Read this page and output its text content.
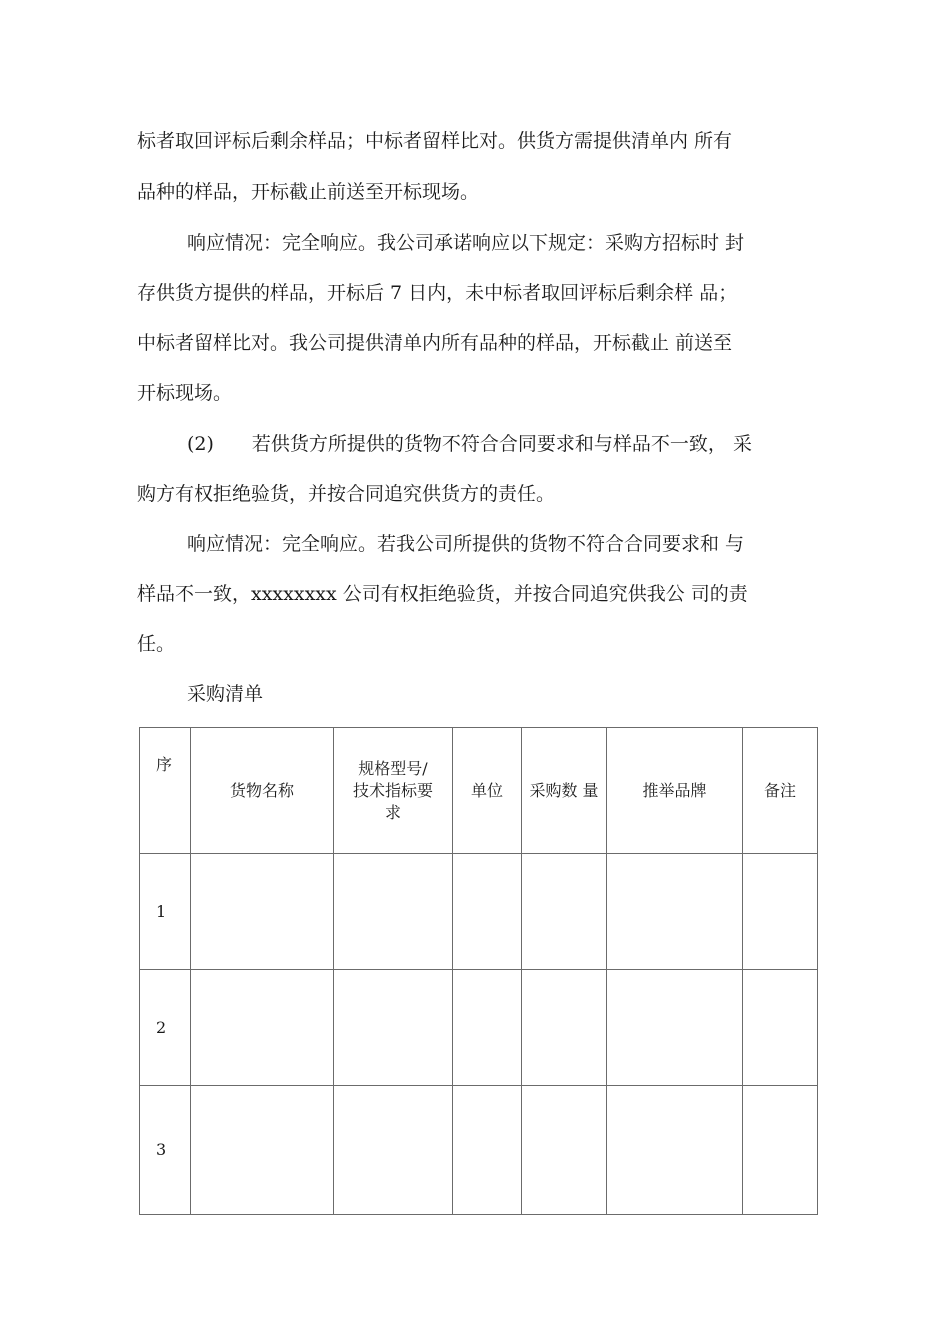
标者取回评标后剩余样品；中标者留样比对。供货方需提供清单内 所有
品种的样品，开标截止前送至开标现场。
响应情况：完全响应。我公司承诺响应以下规定：采购方招标时 封
存供货方提供的样品，开标后 7 日内，未中标者取回评标后剩余样 品；
中标者留样比对。我公司提供清单内所有品种的样品，开标截止 前送至
开标现场。
(2)　　若供货方所提供的货物不符合合同要求和与样品不一致， 采
购方有权拒绝验货，并按合同追究供货方的责任。
响应情况：完全响应。若我公司所提供的货物不符合合同要求和 与
样品不一致，xxxxxxxx 公司有权拒绝验货，并按合同追究供我公 司的责
任。
采购清单
序	货物名称	规格型号/ 技术指标要 求	单位	采购数 量	推举品牌	备注
1						
2						
3						
